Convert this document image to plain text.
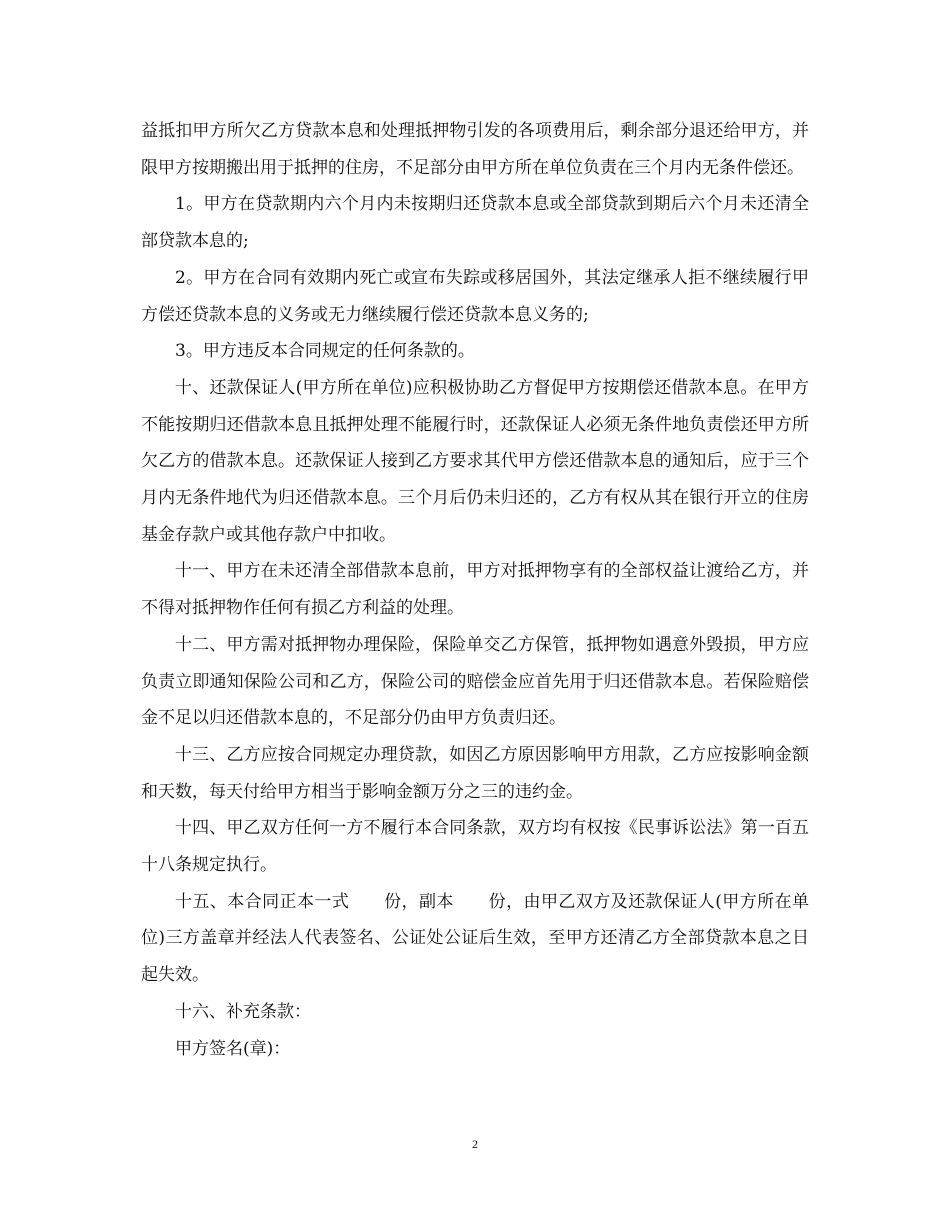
益抵扣甲方所欠乙方贷款本息和处理抵押物引发的各项费用后，剩余部分退还给甲方，并限甲方按期搬出用于抵押的住房，不足部分由甲方所在单位负责在三个月内无条件偿还。

1。甲方在贷款期内六个月内未按期归还贷款本息或全部贷款到期后六个月未还清全部贷款本息的;

2。甲方在合同有效期内死亡或宣布失踪或移居国外，其法定继承人拒不继续履行甲方偿还贷款本息的义务或无力继续履行偿还贷款本息义务的;

3。甲方违反本合同规定的任何条款的。

十、还款保证人(甲方所在单位)应积极协助乙方督促甲方按期偿还借款本息。在甲方不能按期归还借款本息且抵押处理不能履行时，还款保证人必须无条件地负责偿还甲方所欠乙方的借款本息。还款保证人接到乙方要求其代甲方偿还借款本息的通知后，应于三个月内无条件地代为归还借款本息。三个月后仍未归还的，乙方有权从其在银行开立的住房基金存款户或其他存款户中扣收。

十一、甲方在未还清全部借款本息前，甲方对抵押物享有的全部权益让渡给乙方，并不得对抵押物作任何有损乙方利益的处理。

十二、甲方需对抵押物办理保险，保险单交乙方保管，抵押物如遇意外毁损，甲方应负责立即通知保险公司和乙方，保险公司的赔偿金应首先用于归还借款本息。若保险赔偿金不足以归还借款本息的，不足部分仍由甲方负责归还。

十三、乙方应按合同规定办理贷款，如因乙方原因影响甲方用款，乙方应按影响金额和天数，每天付给甲方相当于影响金额万分之三的违约金。

十四、甲乙双方任何一方不履行本合同条款，双方均有权按《民事诉讼法》第一百五十八条规定执行。

十五、本合同正本一式　　份，副本　　份，由甲乙双方及还款保证人(甲方所在单位)三方盖章并经法人代表签名、公证处公证后生效，至甲方还清乙方全部贷款本息之日起失效。

十六、补充条款：

甲方签名(章)：

2
